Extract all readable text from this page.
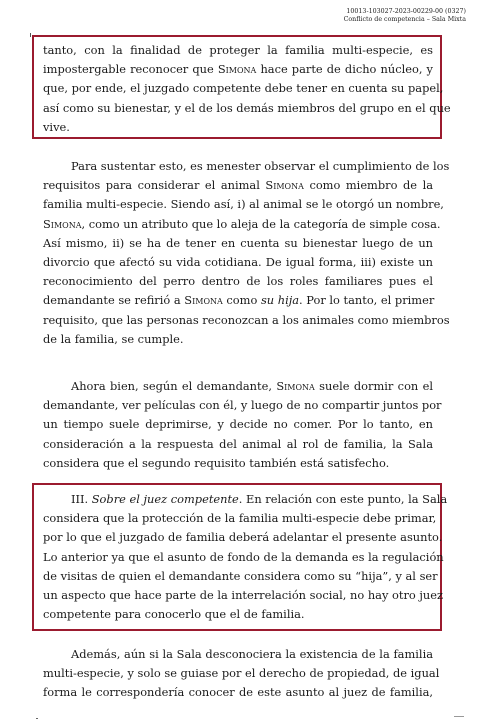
10013-103027-2023-00229-00 (0327)
Conflicto de competencia – Sala Mixta
tanto, con la finalidad de proteger la familia multi-especie, es
impostergable reconocer que Simona hace parte de dicho núcleo, y
que, por ende, el juzgado competente debe tener en cuenta su papel,
así como su bienestar, y el de los demás miembros del grupo en el que
vive.
Para sustentar esto, es menester observar el cumplimiento de los
requisitos para considerar el animal Simona como miembro de la
familia multi-especie. Siendo así, i) al animal se le otorgó un nombre,
Simona, como un atributo que lo aleja de la categoría de simple cosa.
Así mismo, ii) se ha de tener en cuenta su bienestar luego de un
divorcio que afectó su vida cotidiana. De igual forma, iii) existe un
reconocimiento del perro dentro de los roles familiares pues el
demandante se refirió a Simona como su hija. Por lo tanto, el primer
requisito, que las personas reconozcan a los animales como miembros
de la familia, se cumple.
Ahora bien, según el demandante, Simona suele dormir con el
demandante, ver películas con él, y luego de no compartir juntos por
un tiempo suele deprimirse, y decide no comer. Por lo tanto, en
consideración a la respuesta del animal al rol de familia, la Sala
considera que el segundo requisito también está satisfecho.
III. Sobre el juez competente. En relación con este punto, la Sala
considera que la protección de la familia multi-especie debe primar,
por lo que el juzgado de familia deberá adelantar el presente asunto.
Lo anterior ya que el asunto de fondo de la demanda es la regulación
de visitas de quien el demandante considera como su “hija”, y al ser
un aspecto que hace parte de la interrelación social, no hay otro juez
competente para conocerlo que el de familia.
Además, aún si la Sala desconociera la existencia de la familia
multi-especie, y solo se guiase por el derecho de propiedad, de igual
forma le correspondería conocer de este asunto al juez de familia,
